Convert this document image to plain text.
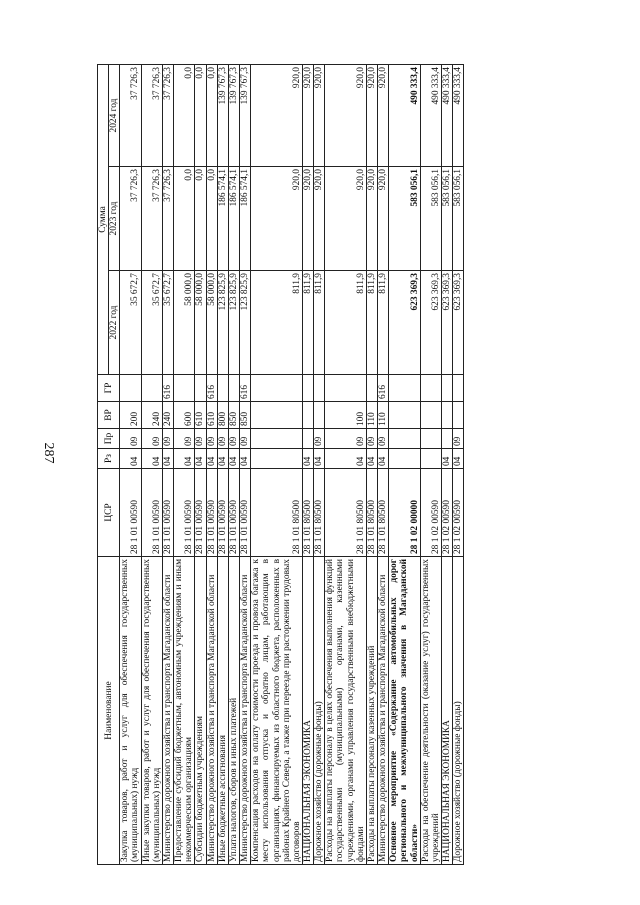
287
Наименование	ЦСР	Рз	Пр	ВР	ГР	Сумма		
						2022 год	2023 год	2024 год
Закупка товаров, работ и услуг для обеспечения государственных (муниципальных) нужд	28 1 01 00590	04	09	200		35 672,7	37 726,3	37 726,3
Иные закупки товаров, работ и услуг для обеспечения государственных (муниципальных) нужд	28 1 01 00590	04	09	240		35 672,7	37 726,3	37 726,3
Министерство дорожного хозяйства и транспорта Магаданской области	28 1 01 00590	04	09	240	616	35 672,7	37 726,3	37 726,3
Предоставление субсидий бюджетным, автономным учреждениям и иным некоммерческим организациям	28 1 01 00590	04	09	600		58 000,0	0,0	0,0
Субсидии бюджетным учреждениям	28 1 01 00590	04	09	610		58 000,0	0,0	0,0
Министерство дорожного хозяйства и транспорта Магаданской области	28 1 01 00590	04	09	610	616	58 000,0	0,0	0,0
Иные бюджетные ассигнования	28 1 01 00590	04	09	800		123 825,9	186 574,1	139 767,3
Уплата налогов, сборов и иных платежей	28 1 01 00590	04	09	850		123 825,9	186 574,1	139 767,3
Министерство дорожного хозяйства и транспорта Магаданской области	28 1 01 00590	04	09	850	616	123 825,9	186 574,1	139 767,3
Компенсация расходов на оплату стоимости проезда и провоза багажа к месту использования отпуска и обратно лицам, работающим в организациях, финансируемых из областного бюджета, расположенных в районах Крайнего Севера, а также при переезде при расторжении трудовых договоров	28 1 01 80500					811,9	920,0	920,0
НАЦИОНАЛЬНАЯ ЭКОНОМИКА	28 1 01 80500	04				811,9	920,0	920,0
Дорожное хозяйство (дорожные фонды)	28 1 01 80500	04	09			811,9	920,0	920,0
Расходы на выплаты персоналу в целях обеспечения выполнения функций государственными (муниципальными) органами, казенными учреждениями, органами управления государственными внебюджетными фондами	28 1 01 80500	04	09	100		811,9	920,0	920,0
Расходы на выплаты персоналу казенных учреждений	28 1 01 80500	04	09	110		811,9	920,0	920,0
Министерство дорожного хозяйства и транспорта Магаданской области	28 1 01 80500	04	09	110	616	811,9	920,0	920,0
Основное мероприятие «Содержание автомобильных дорог регионального и межмуниципального значения в Магаданской области»	28 1 02 00000					623 369,3	583 056,1	490 333,4
Расходы на обеспечение деятельности (оказание услуг) государственных учреждений	28 1 02 00590					623 369,3	583 056,1	490 333,4
НАЦИОНАЛЬНАЯ ЭКОНОМИКА	28 1 02 00590	04				623 369,3	583 056,1	490 333,4
Дорожное хозяйство (дорожные фонды)	28 1 02 00590	04	09			623 369,3	583 056,1	490 333,4
